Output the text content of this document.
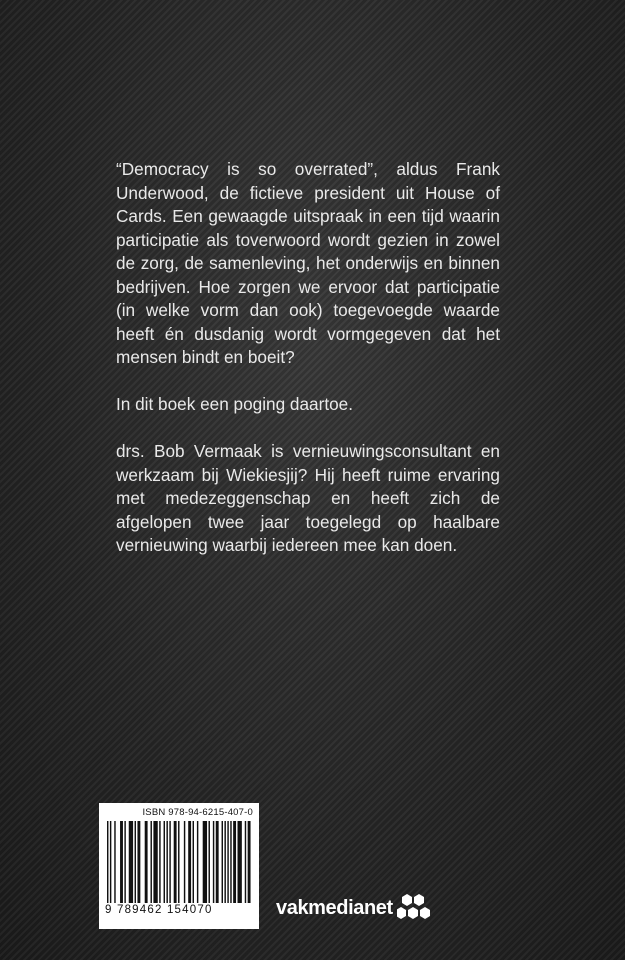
“Democracy is so overrated”, aldus Frank Underwood, de fictieve president uit House of Cards. Een gewaagde uitspraak in een tijd waarin participatie als toverwoord wordt gezien in zowel de zorg, de samenleving, het onderwijs en binnen bedrijven. Hoe zorgen we ervoor dat participatie (in welke vorm dan ook) toegevoegde waarde heeft én dusdanig wordt vormgegeven dat het mensen bindt en boeit?

In dit boek een poging daartoe.

drs. Bob Vermaak is vernieuwingsconsultant en werkzaam bij Wiekiesjij? Hij heeft ruime ervaring met medezeggenschap en heeft zich de afgelopen twee jaar toegelegd op haalbare vernieuwing waarbij iedereen mee kan doen.

ISBN 978-94-6215-407-0
9 789462 154070	vakmedianet
